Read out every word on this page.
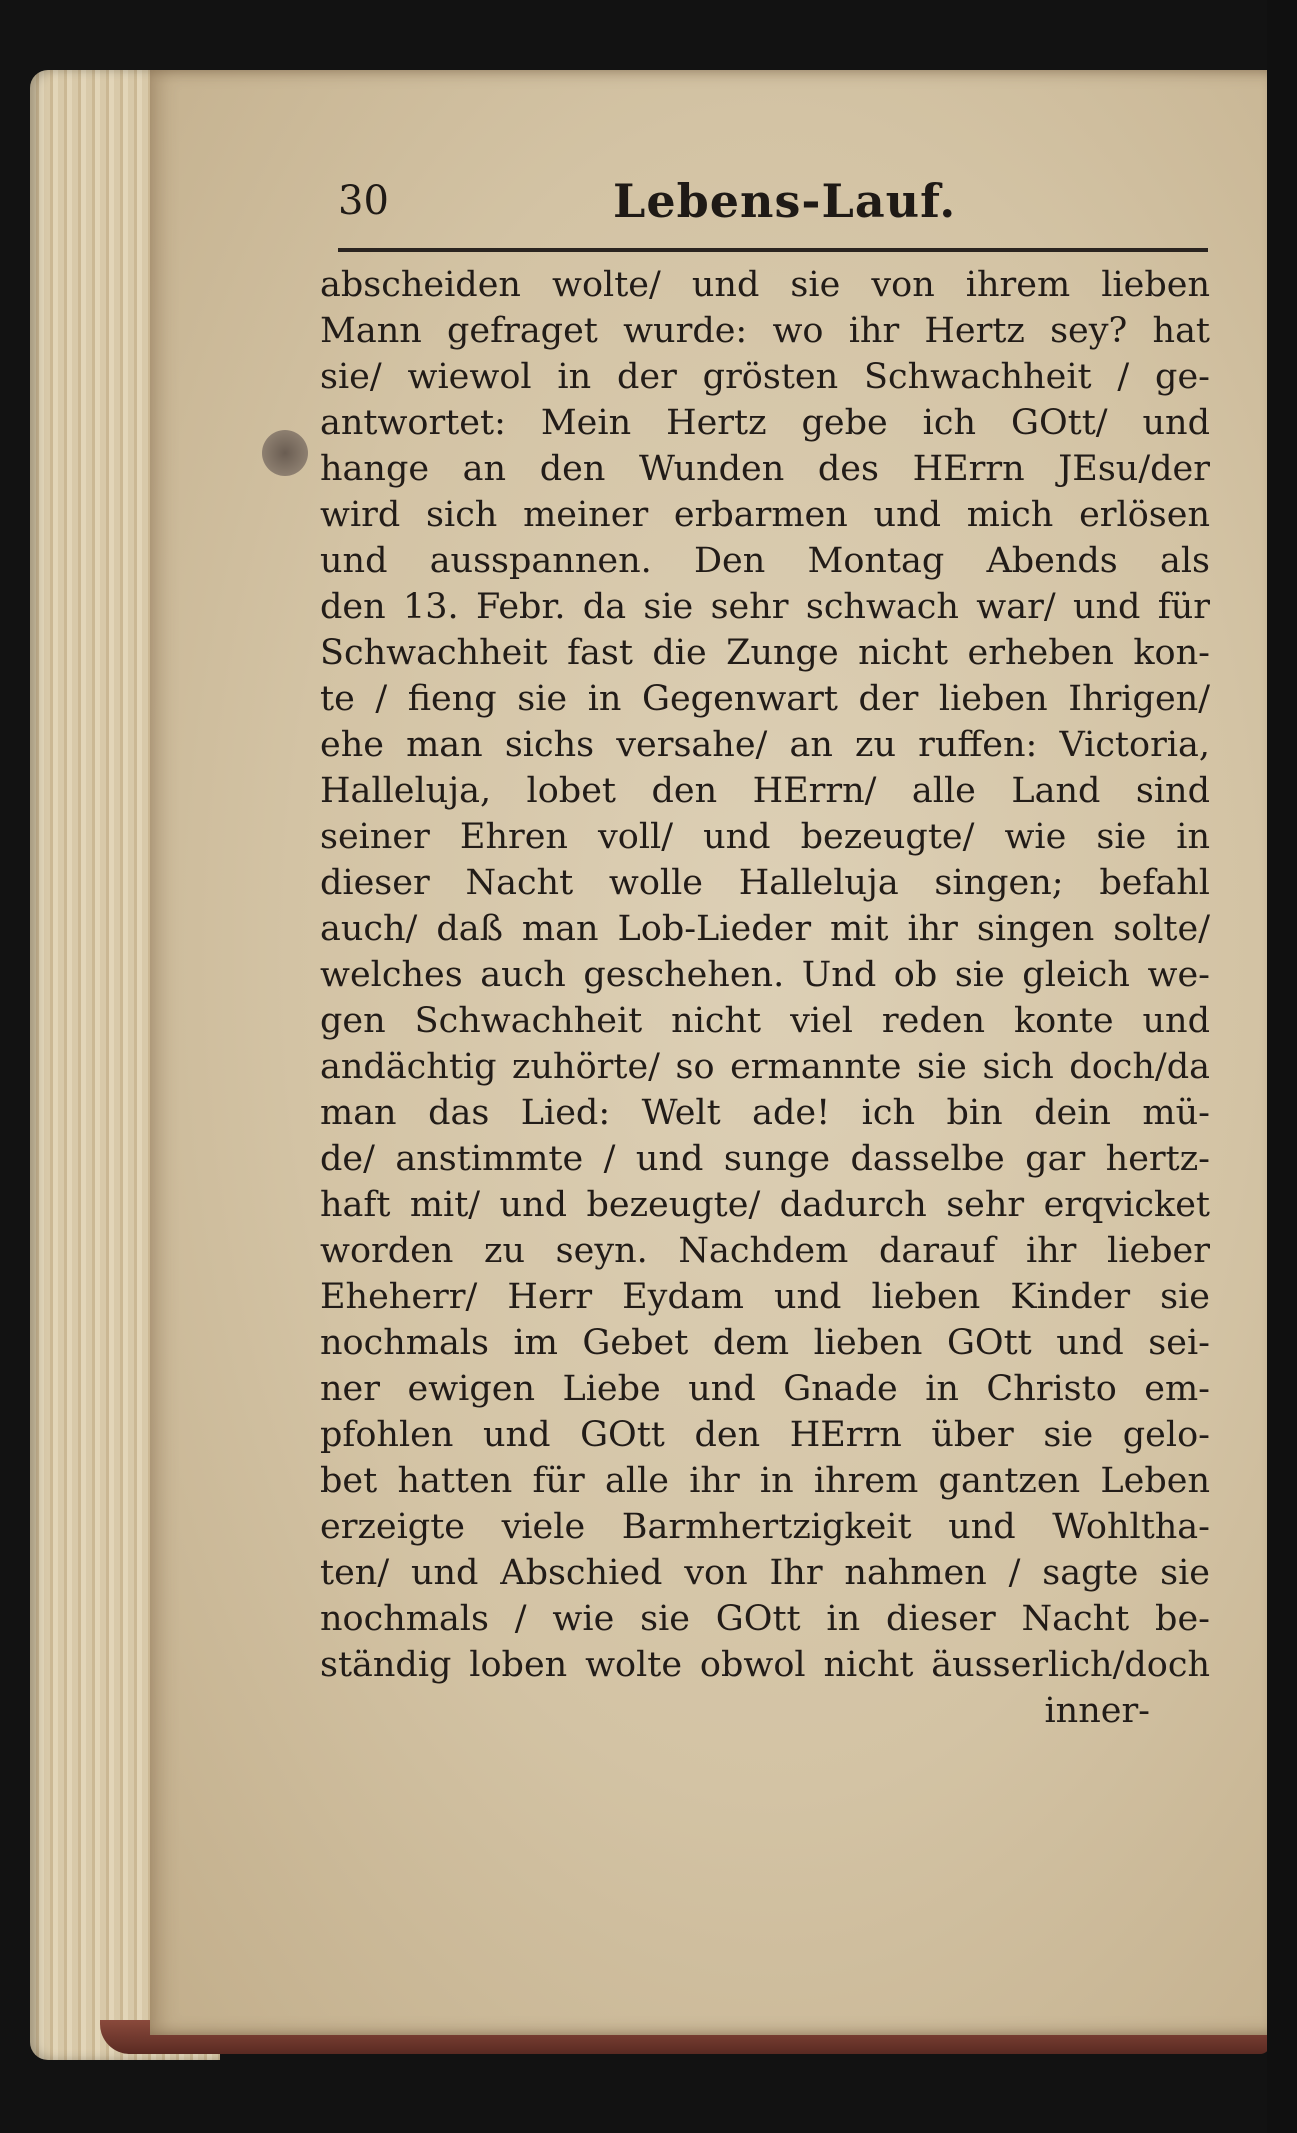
30	Lebens-Lauf.
abscheiden wolte/ und sie von ihrem lieben
Mann gefraget wurde: wo ihr Hertz sey? hat
sie/ wiewol in der grösten Schwachheit / ge-
antwortet: Mein Hertz gebe ich GOtt/ und
hange an den Wunden des HErrn JEsu/der
wird sich meiner erbarmen und mich erlösen
und ausspannen. Den Montag Abends als
den 13. Febr. da sie sehr schwach war/ und für
Schwachheit fast die Zunge nicht erheben kon-
te / fieng sie in Gegenwart der lieben Ihrigen/
ehe man sichs versahe/ an zu ruffen: Victoria,
Halleluja, lobet den HErrn/ alle Land sind
seiner Ehren voll/ und bezeugte/ wie sie in
dieser Nacht wolle Halleluja singen; befahl
auch/ daß man Lob-Lieder mit ihr singen solte/
welches auch geschehen. Und ob sie gleich we-
gen Schwachheit nicht viel reden konte und
andächtig zuhörte/ so ermannte sie sich doch/da
man das Lied: Welt ade! ich bin dein mü-
de/ anstimmte / und sunge dasselbe gar hertz-
haft mit/ und bezeugte/ dadurch sehr erqvicket
worden zu seyn. Nachdem darauf ihr lieber
Eheherr/ Herr Eydam und lieben Kinder sie
nochmals im Gebet dem lieben GOtt und sei-
ner ewigen Liebe und Gnade in Christo em-
pfohlen und GOtt den HErrn über sie gelo-
bet hatten für alle ihr in ihrem gantzen Leben
erzeigte viele Barmhertzigkeit und Wohltha-
ten/ und Abschied von Ihr nahmen / sagte sie
nochmals / wie sie GOtt in dieser Nacht be-
ständig loben wolte obwol nicht äusserlich/doch
inner-
